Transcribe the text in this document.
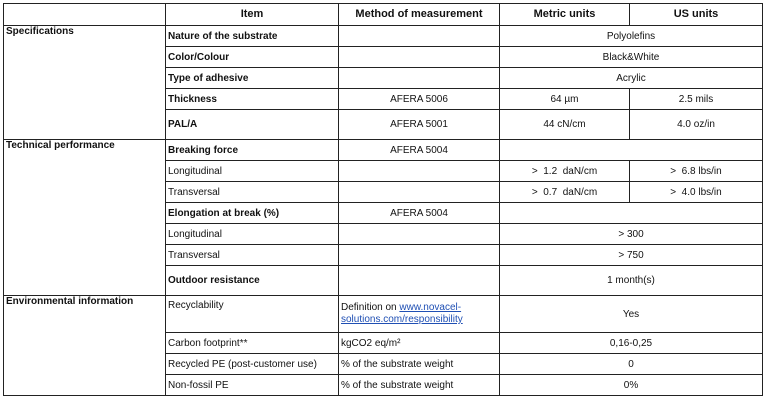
	Item	Method of measurement	Metric units	US units
Specifications	Nature of the substrate		Polyolefins	
	Color/Colour		Black&White	
	Type of adhesive		Acrylic	
	Thickness	AFERA 5006	64 µm	2.5 mils
	PAL/A	AFERA 5001	44 cN/cm	4.0 oz/in
Technical performance	Breaking force	AFERA 5004		
	Longitudinal		>  1.2  daN/cm	>  6.8 lbs/in
	Transversal		>  0.7  daN/cm	>  4.0 lbs/in
	Elongation at break (%)	AFERA 5004		
	Longitudinal		> 300	
	Transversal		> 750	
	Outdoor resistance		1 month(s)	
Environmental information	Recyclability	Definition on www.novacel-solutions.com/responsibility	Yes	
	Carbon footprint**	kgCO2 eq/m²	0,16-0,25	
	Recycled PE (post-customer use)	% of the substrate weight	0	
	Non-fossil PE	% of the substrate weight	0%	
